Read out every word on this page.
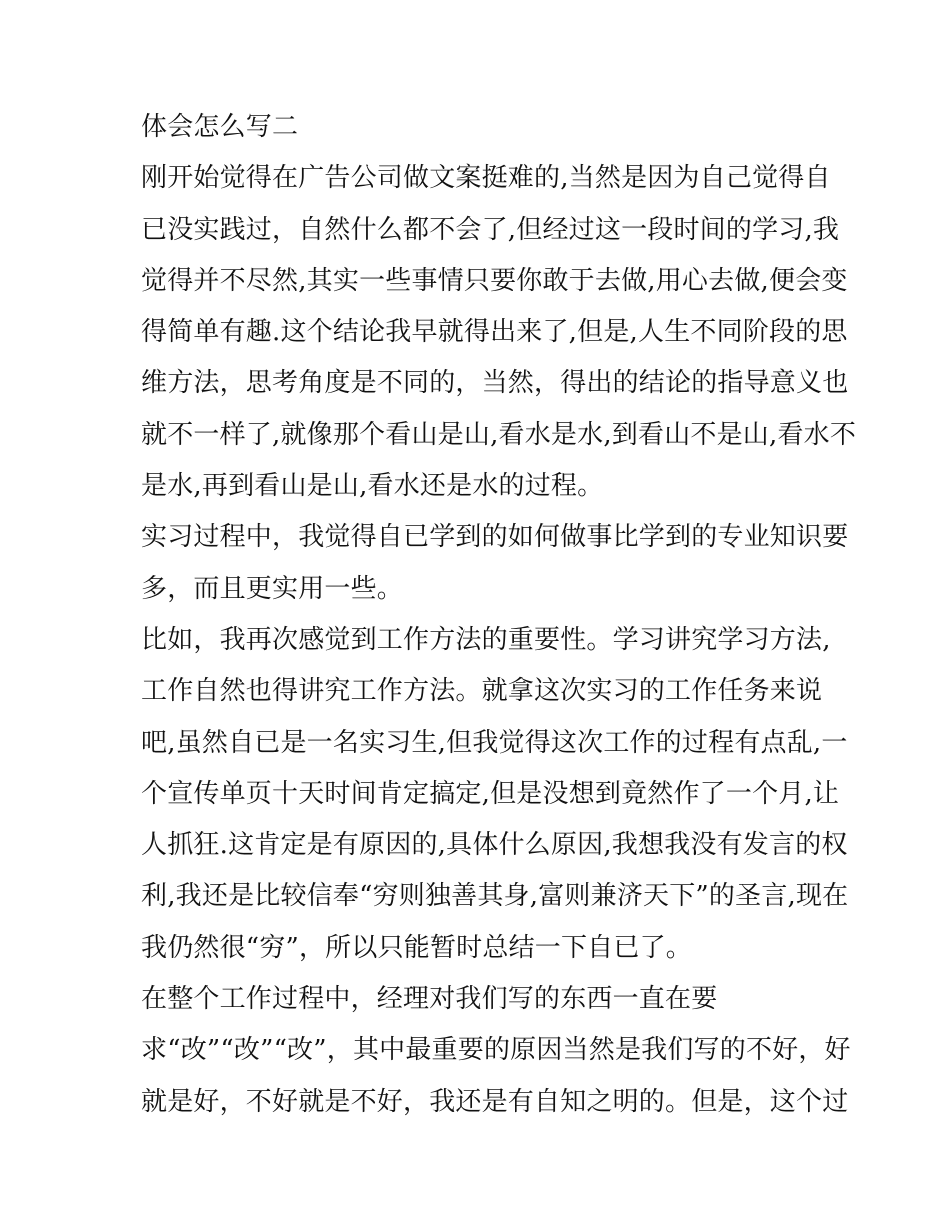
体会怎么写二
刚开始觉得在广告公司做文案挺难的,当然是因为自己觉得自
已没实践过，自然什么都不会了,但经过这一段时间的学习,我
觉得并不尽然,其实一些事情只要你敢于去做,用心去做,便会变
得简单有趣.这个结论我早就得出来了,但是,人生不同阶段的思
维方法，思考角度是不同的，当然，得出的结论的指导意义也
就不一样了,就像那个看山是山,看水是水,到看山不是山,看水不
是水,再到看山是山,看水还是水的过程。
实习过程中，我觉得自已学到的如何做事比学到的专业知识要
多，而且更实用一些。
比如，我再次感觉到工作方法的重要性。学习讲究学习方法,
工作自然也得讲究工作方法。就拿这次实习的工作任务来说
吧,虽然自已是一名实习生,但我觉得这次工作的过程有点乱,一
个宣传单页十天时间肯定搞定,但是没想到竟然作了一个月,让
人抓狂.这肯定是有原因的,具体什么原因,我想我没有发言的权
利,我还是比较信奉“穷则独善其身,富则兼济天下”的圣言,现在
我仍然很“穷”，所以只能暂时总结一下自已了。
在整个工作过程中，经理对我们写的东西一直在要
求“改”“改”“改”，其中最重要的原因当然是我们写的不好，好
就是好，不好就是不好，我还是有自知之明的。但是，这个过
